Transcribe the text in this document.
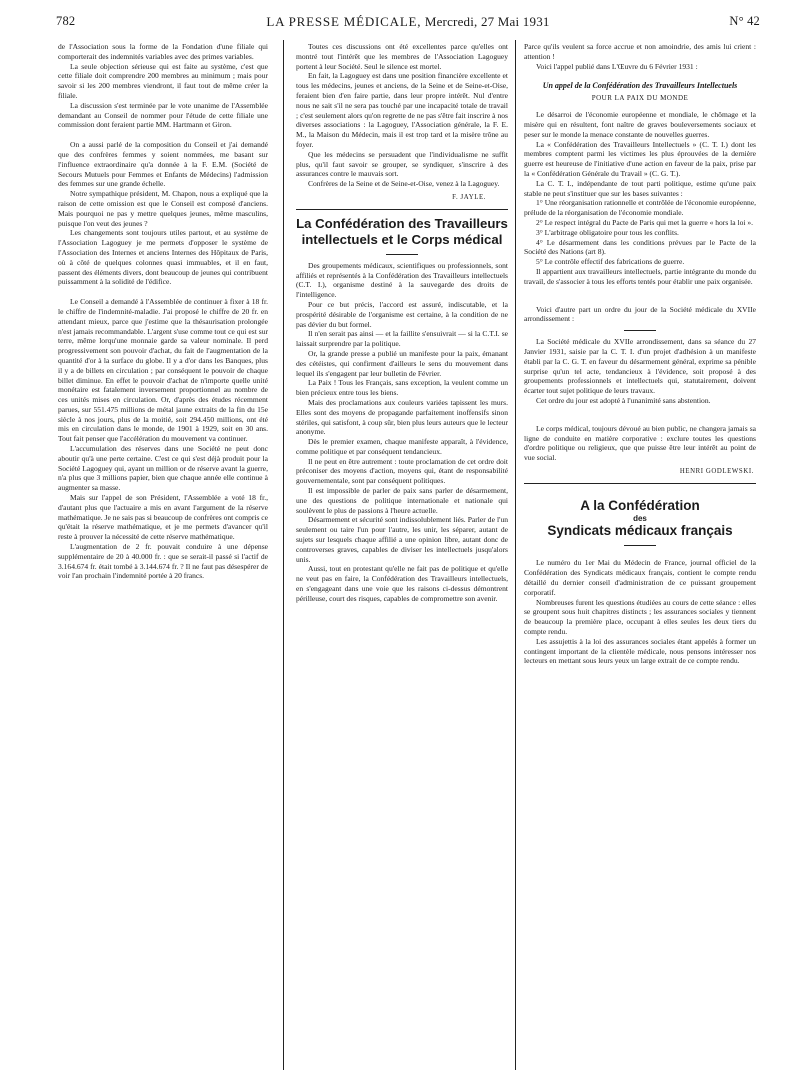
782	LA PRESSE MÉDICALE, Mercredi, 27 Mai 1931	N° 42

de l'Association sous la forme de la Fondation d'une filiale qui comporterait des indemnités variables avec des primes variables.

La seule objection sérieuse qui est faite au système, c'est que cette filiale doit comprendre 200 membres au minimum ; mais pour savoir si les 200 membres viendront, il faut tout de même créer la filiale.

La discussion s'est terminée par le vote unanime de l'Assemblée demandant au Conseil de nommer pour l'étude de cette filiale une commission dont feraient partie MM. Hartmann et Giron.

On a aussi parlé de la composition du Conseil et j'ai demandé que des confrères femmes y soient nommées, me basant sur l'influence extraordinaire qu'a donnée à la F. E.M. (Société de Secours Mutuels pour Femmes et Enfants de Médecins) l'admission des femmes sur une grande échelle.

Notre sympathique président, M. Chapon, nous a expliqué que la raison de cette omission est que le Conseil est composé d'anciens. Mais pourquoi ne pas y mettre quelques jeunes, même masculins, puisque l'on veut des jeunes ?

Les changements sont toujours utiles partout, et au système de l'Association Lagoguey je me permets d'opposer le système de l'Association des Internes et anciens Internes des Hôpitaux de Paris, où à côté de quelques colonnes quasi immuables, et il en faut, passent des éléments divers, dont beaucoup de jeunes qui contribuent puissamment à la solidité de l'édifice.

Le Conseil a demandé à l'Assemblée de continuer à fixer à 18 fr. le chiffre de l'indemnité-maladie. J'ai proposé le chiffre de 20 fr. en attendant mieux, parce que j'estime que la thésaurisation prolongée n'est jamais recommandable. L'argent s'use comme tout ce qui est sur terre, même lorqu'une monnaie garde sa valeur nominale. Il perd progressivement son pouvoir d'achat, du fait de l'augmentation de la quantité d'or à la surface du globe. Il y a d'or dans les Banques, plus il y a de billets en circulation ; par conséquent le pouvoir de chaque billet diminue. En effet le pouvoir d'achat de n'importe quelle unité monétaire est fatalement inversement proportionnel au nombre de ces unités mises en circulation. Or, d'après des études récemment parues, sur 551.475 millions de métal jaune extraits de la fin du 15e siècle à nos jours, plus de la moitié, soit 294.450 millions, ont été mis en circulation dans le monde, de 1901 à 1929, soit en 30 ans. Tout fait penser que l'accélération du mouvement va continuer.

L'accumulation des réserves dans une Société ne peut donc aboutir qu'à une perte certaine. C'est ce qui s'est déjà produit pour la Société Lagoguey qui, ayant un million or de réserve avant la guerre, n'a plus que 3 millions papier, bien que chaque année elle continue à augmenter sa masse.

Mais sur l'appel de son Président, l'Assemblée a voté 18 fr., d'autant plus que l'actuaire a mis en avant l'argument de la réserve mathématique. Je ne sais pas si beaucoup de confrères ont compris ce qu'était la réserve mathématique, et je me permets d'avancer qu'il reste à prouver la nécessité de cette réserve mathématique.

L'augmentation de 2 fr. pouvait conduire à une dépense supplémentaire de 20 à 40.000 fr. : que se serait-il passé si l'actif de 3.164.674 fr. était tombé à 3.144.674 fr. ? Il ne faut pas désespérer de voir l'an prochain l'indemnité portée à 20 francs.

Toutes ces discussions ont été excellentes parce qu'elles ont montré tout l'intérêt que les membres de l'Association Lagoguey portent à leur Société. Seul le silence est mortel.

En fait, la Lagoguey est dans une position financière excellente et tous les médecins, jeunes et anciens, de la Seine et de Seine-et-Oise, feraient bien d'en faire partie, dans leur propre intérêt. Nul d'entre nous ne sait s'il ne sera pas touché par une incapacité totale de travail ; c'est seulement alors qu'on regrette de ne pas s'être fait inscrire à nos diverses associations : la Lagoguey, l'Association générale, la F. E. M., la Maison du Médecin, mais il est trop tard et la misère trône au foyer.

Que les médecins se persuadent que l'individualisme ne suffit plus, qu'il faut savoir se grouper, se syndiquer, s'inscrire à des assurances contre le mauvais sort.

Confrères de la Seine et de Seine-et-Oise, venez à la Lagoguey.

F. JAYLE.
La Confédération des Travailleurs intellectuels et le Corps médical

Des groupements médicaux, scientifiques ou professionnels, sont affiliés et représentés à la Confédération des Travailleurs intellectuels (C.T. I.), organisme destiné à la sauvegarde des droits de l'intelligence.

Pour ce but précis, l'accord est assuré, indiscutable, et la prospérité désirable de l'organisme est certaine, à la condition de ne pas dévier du but formel.

Il n'en serait pas ainsi — et la faillite s'ensuivrait — si la C.T.I. se laissait surprendre par la politique.

Or, la grande presse a publié un manifeste pour la paix, émanant des cétéistes, qui confirment d'ailleurs le sens du mouvement dans lequel ils s'engagent par leur bulletin de Février.

La Paix ! Tous les Français, sans exception, la veulent comme un bien précieux entre tous les biens.

Mais des proclamations aux couleurs variées tapissent les murs. Elles sont des moyens de propagande parfaitement inoffensifs sinon stériles, qui satisfont, à coup sûr, bien plus leurs auteurs que le lecteur anonyme.

Dès le premier examen, chaque manifeste apparaît, à l'évidence, comme politique et par conséquent tendancieux.

Il ne peut en être autrement : toute proclamation de cet ordre doit préconiser des moyens d'action, moyens qui, étant de responsabilité gouvernementale, sont par conséquent politiques.

Il est impossible de parler de paix sans parler de désarmement, une des questions de politique internationale et nationale qui soulèvent le plus de passions à l'heure actuelle.

Désarmement et sécurité sont indissolublement liés. Parler de l'un seulement ou taire l'un pour l'autre, les unir, les séparer, autant de sujets sur lesquels chaque affilié a une opinion libre, autant donc de controverses graves, capables de diviser les intellectuels jusqu'alors unis.

Aussi, tout en protestant qu'elle ne fait pas de politique et qu'elle ne veut pas en faire, la Confédération des Travailleurs intellectuels, en s'engageant dans une voie que les raisons ci-dessus démontrent périlleuse, court des risques, capables de compromettre son avenir.

Parce qu'ils veulent sa force accrue et non amoindrie, des amis lui crient : attention !

Voici l'appel publié dans L'Œuvre du 6 Février 1931 :

Un appel de la Confédération des Travailleurs Intellectuels
POUR LA PAIX DU MONDE

Le désarroi de l'économie européenne et mondiale, le chômage et la misère qui en résultent, font naître de graves bouleversements sociaux et peser sur le monde la menace constante de nouvelles guerres.

La « Confédération des Travailleurs Intellectuels » (C. T. I.) dont les membres comptent parmi les victimes les plus éprouvées de la dernière guerre est heureuse de l'initiative d'une action en faveur de la paix, prise par la « Confédération Générale du Travail » (C. G. T.).

La C. T. I., indépendante de tout parti politique, estime qu'une paix stable ne peut s'instituer que sur les bases suivantes :

1° Une réorganisation rationnelle et contrôlée de l'économie européenne, prélude de la réorganisation de l'économie mondiale.

2° Le respect intégral du Pacte de Paris qui met la guerre « hors la loi ».

3° L'arbitrage obligatoire pour tous les conflits.

4° Le désarmement dans les conditions prévues par le Pacte de la Société des Nations (art 8).

5° Le contrôle effectif des fabrications de guerre.

Il appartient aux travailleurs intellectuels, partie intégrante du monde du travail, de s'associer à tous les efforts tentés pour établir une paix organisée.

Voici d'autre part un ordre du jour de la Société médicale du XVIIe arrondissement :

La Société médicale du XVIIe arrondissement, dans sa séance du 27 Janvier 1931, saisie par la C. T. I. d'un projet d'adhésion à un manifeste établi par la C. G. T. en faveur du désarmement général, exprime sa pénible surprise qu'un tel acte, tendancieux à l'évidence, soit proposé à des groupements professionnels et intellectuels qui, statutairement, doivent écarter tout sujet politique de leurs travaux.

Cet ordre du jour est adopté à l'unanimité sans abstention.

Le corps médical, toujours dévoué au bien public, ne changera jamais sa ligne de conduite en matière corporative : exclure toutes les questions d'ordre politique ou religieux, que que puisse être leur intérêt au point de vue social.

HENRI GODLEWSKI.
A la Confédération
des
Syndicats médicaux français

Le numéro du 1er Mai du Médecin de France, journal officiel de la Confédération des Syndicats médicaux français, contient le compte rendu détaillé du dernier conseil d'administration de ce puissant groupement corporatif.

Nombreuses furent les questions étudiées au cours de cette séance : elles se groupent sous huit chapitres distincts ; les assurances sociales y tiennent de beaucoup la première place, occupant à elles seules les deux tiers du compte rendu.

Les assujettis à la loi des assurances sociales étant appelés à former un contingent important de la clientèle médicale, nous pensons intéresser nos lecteurs en mettant sous leurs yeux un large extrait de ce compte rendu.
